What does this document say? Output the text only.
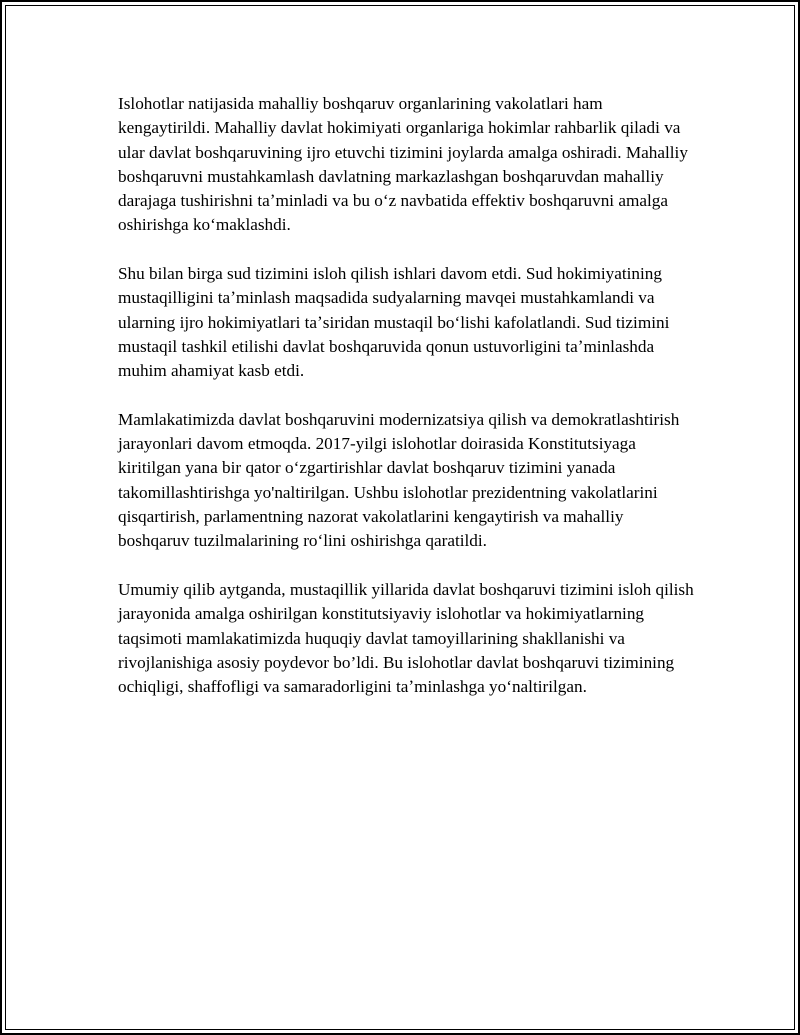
Islohotlar natijasida mahalliy boshqaruv organlarining vakolatlari ham kengaytirildi. Mahalliy davlat hokimiyati organlariga hokimlar rahbarlik qiladi va ular davlat boshqaruvining ijro etuvchi tizimini joylarda amalga oshiradi. Mahalliy boshqaruvni mustahkamlash davlatning markazlashgan boshqaruvdan mahalliy darajaga tushirishni taʼminladi va bu oʻz navbatida effektiv boshqaruvni amalga oshirishga koʻmaklashdi.

Shu bilan birga sud tizimini isloh qilish ishlari davom etdi. Sud hokimiyatining mustaqilligini taʼminlash maqsadida sudyalarning mavqei mustahkamlandi va ularning ijro hokimiyatlari taʼsiridan mustaqil boʻlishi kafolatlandi. Sud tizimini mustaqil tashkil etilishi davlat boshqaruvida qonun ustuvorligini taʼminlashda muhim ahamiyat kasb etdi.

Mamlakatimizda davlat boshqaruvini modernizatsiya qilish va demokratlashtirish jarayonlari davom etmoqda. 2017-yilgi islohotlar doirasida Konstitutsiyaga kiritilgan yana bir qator oʻzgartirishlar davlat boshqaruv tizimini yanada takomillashtirishga yo'naltirilgan. Ushbu islohotlar prezidentning vakolatlarini qisqartirish, parlamentning nazorat vakolatlarini kengaytirish va mahalliy boshqaruv tuzilmalarining roʻlini oshirishga qaratildi.

Umumiy qilib aytganda, mustaqillik yillarida davlat boshqaruvi tizimini isloh qilish jarayonida amalga oshirilgan konstitutsiyaviy islohotlar va hokimiyatlarning taqsimoti mamlakatimizda huquqiy davlat tamoyillarining shakllanishi va rivojlanishiga asosiy poydevor bo’ldi. Bu islohotlar davlat boshqaruvi tizimining ochiqligi, shaffofligi va samaradorligini taʼminlashga yoʻnaltirilgan.
